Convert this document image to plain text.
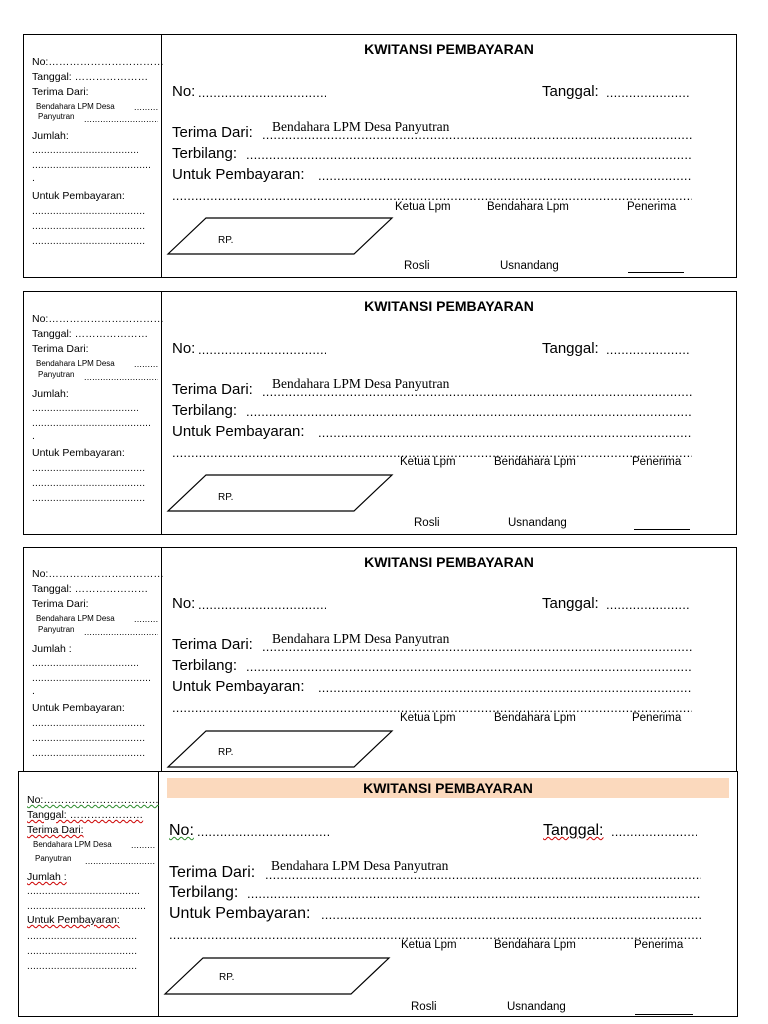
No:……………………………
Tanggal: …………………
Terima Dari:
Bendahara LPM Desa
.....
Panyutran
.....
Jumlah:
.....
.....
.
Untuk Pembayaran:
.....
.....
.....
KWITANSI PEMBAYARAN
No: .....	Tanggal:
.....
Terima Dari:
..... Bendahara LPM Desa Panyutran
Terbilang:
.....
Untuk Pembayaran:
.....
.....
Ketua Lpm	Bendahara Lpm	Penerima
RP.
Rosli	Usnandang
No:……………………………
Tanggal: …………………
Terima Dari:
Bendahara LPM Desa
.....
Panyutran
.....
Jumlah:
.....
.....
.
Untuk Pembayaran:
.....
.....
.....
KWITANSI PEMBAYARAN
No: .....	Tanggal:
.....
Terima Dari:
..... Bendahara LPM Desa Panyutran
Terbilang:
.....
Untuk Pembayaran:
.....
.....
Ketua Lpm	Bendahara Lpm	Penerima
RP.
Rosli	Usnandang
No:……………………………
Tanggal: …………………
Terima Dari:
Bendahara LPM Desa
.....
Panyutran
.....
Jumlah :
.....
.....
.
Untuk Pembayaran:
.....
.....
.....
KWITANSI PEMBAYARAN
No: .....	Tanggal:
.....
Terima Dari:
..... Bendahara LPM Desa Panyutran
Terbilang:
.....
Untuk Pembayaran:
.....
.....
Ketua Lpm	Bendahara Lpm	Penerima
RP.
No:……………………………
Tanggal: …………………
Terima Dari:
Bendahara LPM Desa
.....
Panyutran
.....
Jumlah :
.....
.....
Untuk Pembayaran:
.....
.....
.....
KWITANSI PEMBAYARAN
No: .....	Tanggal:
.....
Terima Dari:
..... Bendahara LPM Desa Panyutran
Terbilang:
.....
Untuk Pembayaran:
.....
.....
Ketua Lpm	Bendahara Lpm	Penerima
RP.
Rosli	Usnandang
